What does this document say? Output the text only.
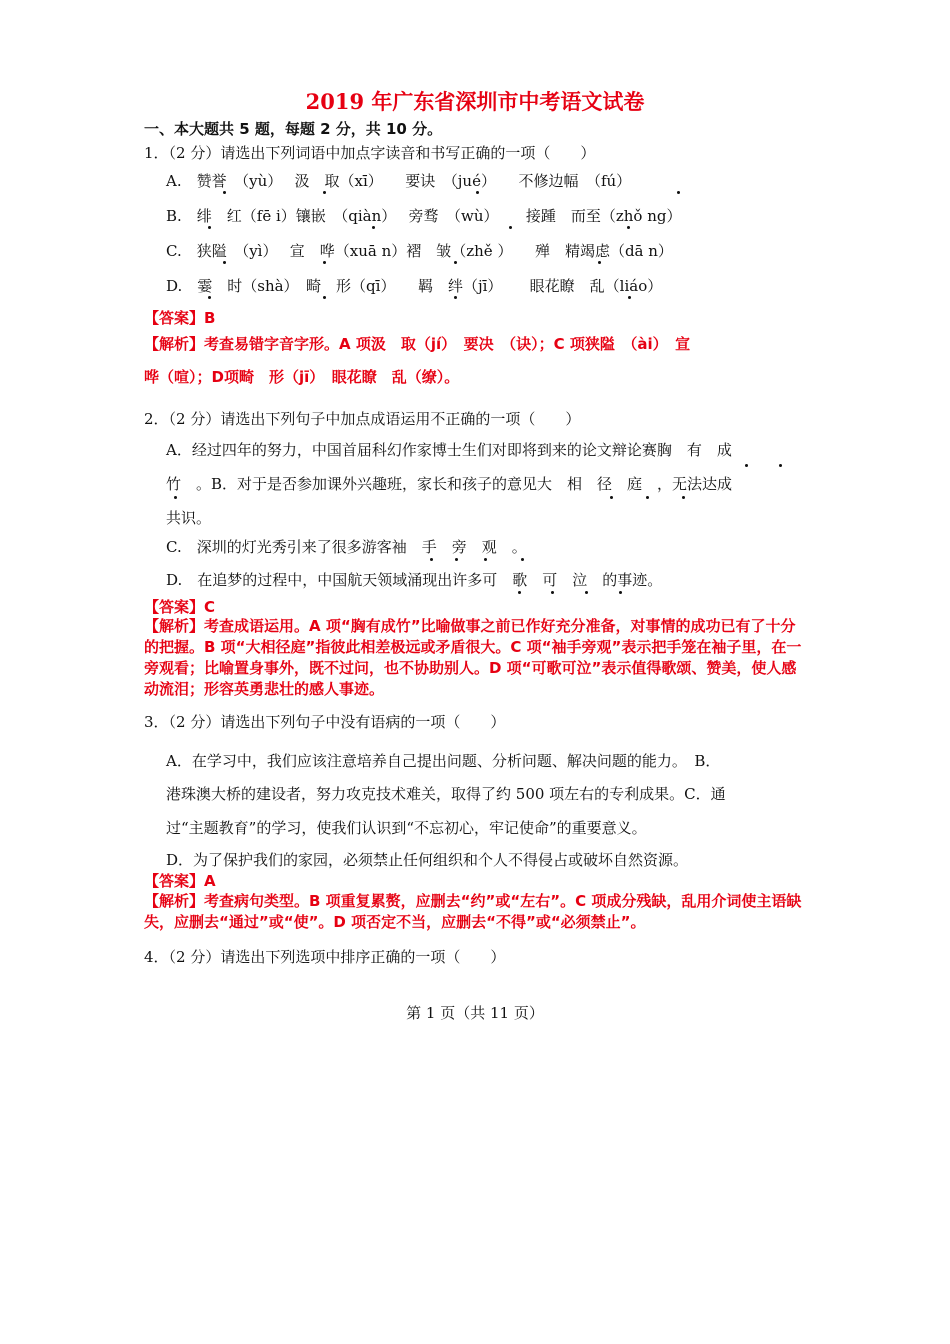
2019 年广东省深圳市中考语文试卷
一、本大题共 5 题，每题 2 分，共 10 分。
1．（2 分）请选出下列词语中加点字读音和书写正确的一项（　　）
A.　赞誉　（yù）　 汲　取（xī）　　要诀　（jué）　　不修边幅　（fú）
B.　绯　红（fē i）镶嵌　（qiàn）　 旁骛　（wù）　　 接踵　而至（zhǒ ng）
C.　狭隘　（yì）　 宣　哗（xuā n）褶　皱（zhě ）　　殚　精竭虑（dā n）
D.　霎　时（shà）　畸　形（qī）　　羁　绊（jī）　　 眼花瞭　乱（liáo）
【答案】B
【解析】考查易错字音字形。A 项汲　取（jí）　要决　（诀）；C 项狭隘　（ài）　宣
哗（喧）；D项畸　形（jī）　眼花瞭　乱（缭）。
2．（2 分）请选出下列句子中加点成语运用不正确的一项（　　）
A．经过四年的努力，中国首届科幻作家博士生们对即将到来的论文辩论赛胸　有　成
竹　。B．对于是否参加课外兴趣班，家长和孩子的意见大　相　径　庭　，无法达成
共识。
C.　深圳的灯光秀引来了很多游客袖　手　旁　观　。
D.　在追梦的过程中，中国航天领域涌现出许多可　歌　可　泣　的事迹。
【答案】C
【解析】考查成语运用。A 项“胸有成竹”比喻做事之前已作好充分准备，对事情的成功已有了十分的把握。B 项“大相径庭”指彼此相差极远或矛盾很大。C 项“袖手旁观”表示把手笼在袖子里，在一旁观看；比喻置身事外，既不过问，也不协助别人。D 项“可歌可泣”表示值得歌颂、赞美，使人感动流泪；形容英勇悲壮的感人事迹。
3．（2 分）请选出下列句子中没有语病的一项（　　）
A．在学习中，我们应该注意培养自己提出问题、分析问题、解决问题的能力。　B．
港珠澳大桥的建设者，努力攻克技术难关，取得了约 500 项左右的专利成果。C．通
过“主题教育”的学习，使我们认识到“不忘初心，牢记使命”的重要意义。
D．为了保护我们的家园，必须禁止任何组织和个人不得侵占或破坏自然资源。
【答案】A
【解析】考查病句类型。B 项重复累赘，应删去“约”或“左右”。C 项成分残缺，乱用介词使主语缺失，应删去“通过”或“使”。D 项否定不当，应删去“不得”或“必须禁止”。
4．（2 分）请选出下列选项中排序正确的一项（　　）
第 1 页（共 11 页）
